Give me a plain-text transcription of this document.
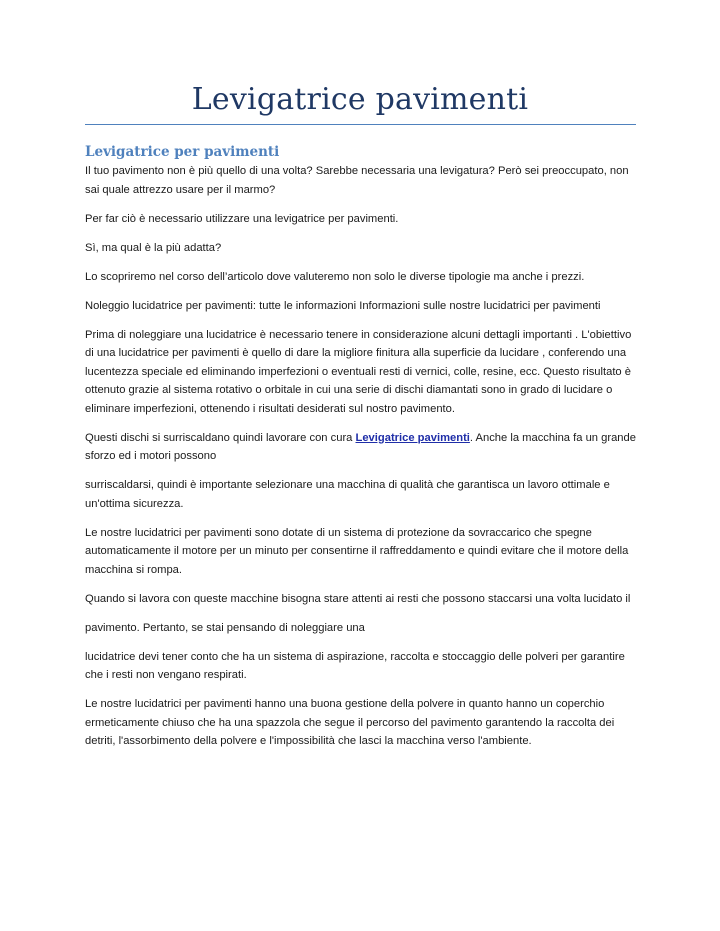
Levigatrice pavimenti
Levigatrice per pavimenti

Il tuo pavimento non è più quello di una volta? Sarebbe necessaria una levigatura? Però sei preoccupato, non sai quale attrezzo usare per il marmo?

Per far ciò è necessario utilizzare una levigatrice per pavimenti.

Sì, ma qual è la più adatta?

Lo scopriremo nel corso dell’articolo dove valuteremo non solo le diverse tipologie ma anche i prezzi.

Noleggio lucidatrice per pavimenti: tutte le informazioni Informazioni sulle nostre lucidatrici per pavimenti

Prima di noleggiare una lucidatrice è necessario tenere in considerazione alcuni dettagli importanti . L'obiettivo di una lucidatrice per pavimenti è quello di dare la migliore finitura alla superficie da lucidare , conferendo una lucentezza speciale ed eliminando imperfezioni o eventuali resti di vernici, colle, resine, ecc. Questo risultato è ottenuto grazie al sistema rotativo o orbitale in cui una serie di dischi diamantati sono in grado di lucidare o eliminare imperfezioni, ottenendo i risultati desiderati sul nostro pavimento.

Questi dischi si surriscaldano quindi lavorare con cura Levigatrice pavimenti. Anche la macchina fa un grande sforzo ed i motori possono

surriscaldarsi, quindi è importante selezionare una macchina di qualità che garantisca un lavoro ottimale e un'ottima sicurezza.

Le nostre lucidatrici per pavimenti sono dotate di un sistema di protezione da sovraccarico che spegne automaticamente il motore per un minuto per consentirne il raffreddamento e quindi evitare che il motore della macchina si rompa.

Quando si lavora con queste macchine bisogna stare attenti ai resti che possono staccarsi una volta lucidato il

pavimento. Pertanto, se stai pensando di noleggiare una

lucidatrice devi tener conto che ha un sistema di aspirazione, raccolta e stoccaggio delle polveri per garantire che i resti non vengano respirati.

Le nostre lucidatrici per pavimenti hanno una buona gestione della polvere in quanto hanno un coperchio ermeticamente chiuso che ha una spazzola che segue il percorso del pavimento garantendo la raccolta dei detriti, l'assorbimento della polvere e l'impossibilità che lasci la macchina verso l'ambiente.
